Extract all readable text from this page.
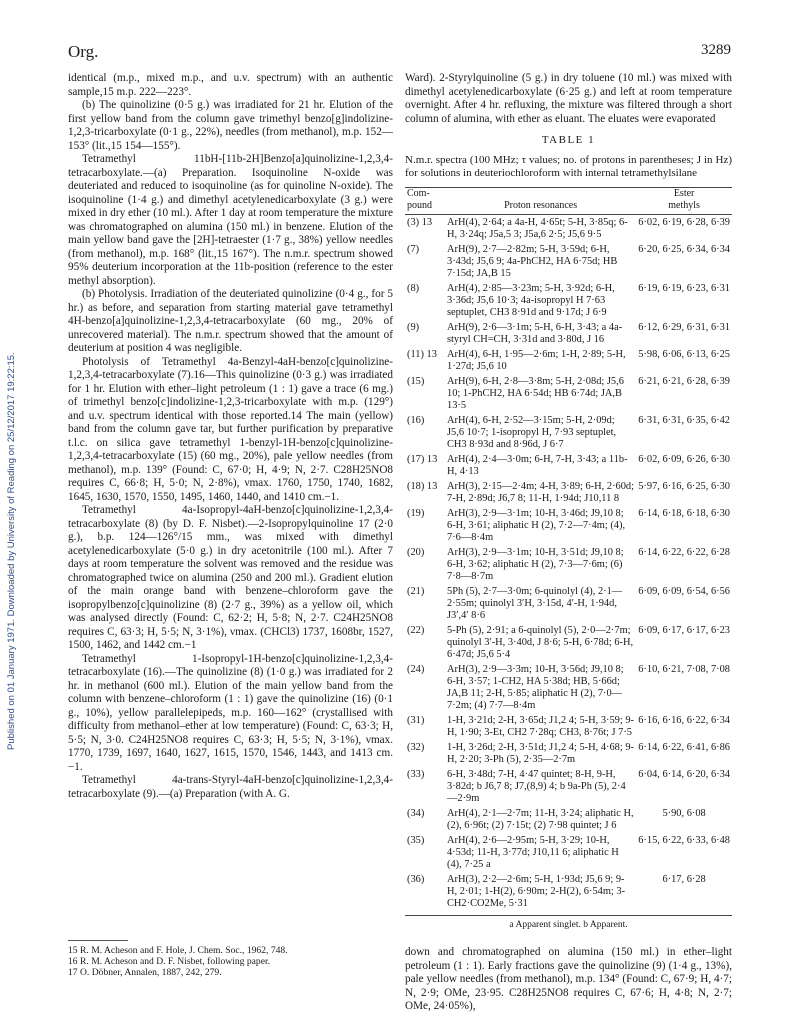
Org.	3289
Published on 01 January 1971. Downloaded by University of Reading on 25/12/2017 19:22:15.

identical (m.p., mixed m.p., and u.v. spectrum) with an authentic sample,15 m.p. 222—223°.

(b) The quinolizine (0·5 g.) was irradiated for 21 hr. Elution of the first yellow band from the column gave trimethyl benzo[g]indolizine-1,2,3-tricarboxylate (0·1 g., 22%), needles (from methanol), m.p. 152—153° (lit.,15 154—155°).

Tetramethyl 11bH-[11b-2H]Benzo[a]quinolizine-1,2,3,4-tetracarboxylate.—(a) Preparation. Isoquinoline N-oxide was deuteriated and reduced to isoquinoline (as for quinoline N-oxide). The isoquinoline (1·4 g.) and dimethyl acetylenedicarboxylate (3 g.) were mixed in dry ether (10 ml.). After 1 day at room temperature the mixture was chromatographed on alumina (150 ml.) in benzene. Elution of the main yellow band gave the [2H]-tetraester (1·7 g., 38%) yellow needles (from methanol), m.p. 168° (lit.,15 167°). The n.m.r. spectrum showed 95% deuterium incorporation at the 11b-position (reference to the ester methyl absorption).

(b) Photolysis. Irradiation of the deuteriated quinolizine (0·4 g., for 5 hr.) as before, and separation from starting material gave tetramethyl 4H-benzo[a]quinolizine-1,2,3,4-tetracarboxylate (60 mg., 20% of unrecovered material). The n.m.r. spectrum showed that the amount of deuterium at position 4 was negligible.

Photolysis of Tetramethyl 4a-Benzyl-4aH-benzo[c]quinolizine-1,2,3,4-tetracarboxylate (7).16—This quinolizine (0·3 g.) was irradiated for 1 hr. Elution with ether–light petroleum (1 : 1) gave a trace (6 mg.) of trimethyl benzo[c]indolizine-1,2,3-tricarboxylate with m.p. (129°) and u.v. spectrum identical with those reported.14 The main (yellow) band from the column gave tar, but further purification by preparative t.l.c. on silica gave tetramethyl 1-benzyl-1H-benzo[c]quinolizine-1,2,3,4-tetracarboxylate (15) (60 mg., 20%), pale yellow needles (from methanol), m.p. 139° (Found: C, 67·0; H, 4·9; N, 2·7. C28H25NO8 requires C, 66·8; H, 5·0; N, 2·8%), νmax. 1760, 1750, 1740, 1682, 1645, 1630, 1570, 1550, 1495, 1460, 1440, and 1410 cm.−1.

Tetramethyl 4a-Isopropyl-4aH-benzo[c]quinolizine-1,2,3,4-tetracarboxylate (8) (by D. F. Nisbet).—2-Isopropylquinoline 17 (2·0 g.), b.p. 124—126°/15 mm., was mixed with dimethyl acetylenedicarboxylate (5·0 g.) in dry acetonitrile (100 ml.). After 7 days at room temperature the solvent was removed and the residue was chromatographed twice on alumina (250 and 200 ml.). Gradient elution of the main orange band with benzene–chloroform gave the isopropylbenzo[c]quinolizine (8) (2·7 g., 39%) as a yellow oil, which was analysed directly (Found: C, 62·2; H, 5·8; N, 2·7. C24H25NO8 requires C, 63·3; H, 5·5; N, 3·1%), νmax. (CHCl3) 1737, 1608br, 1527, 1500, 1462, and 1442 cm.−1

Tetramethyl 1-Isopropyl-1H-benzo[c]quinolizine-1,2,3,4-tetracarboxylate (16).—The quinolizine (8) (1·0 g.) was irradiated for 2 hr. in methanol (600 ml.). Elution of the main yellow band from the column with benzene–chloroform (1 : 1) gave the quinolizine (16) (0·1 g., 10%), yellow parallelepipeds, m.p. 160—162° (crystallised with difficulty from methanol–ether at low temperature) (Found: C, 63·3; H, 5·5; N, 3·0. C24H25NO8 requires C, 63·3; H, 5·5; N, 3·1%), νmax. 1770, 1739, 1697, 1640, 1627, 1615, 1570, 1546, 1443, and 1413 cm.−1.

Tetramethyl 4a-trans-Styryl-4aH-benzo[c]quinolizine-1,2,3,4-tetracarboxylate (9).—(a) Preparation (with A. G.

15 R. M. Acheson and F. Hole, J. Chem. Soc., 1962, 748.
16 R. M. Acheson and D. F. Nisbet, following paper.
17 O. Döbner, Annalen, 1887, 242, 279.

Ward). 2-Styrylquinoline (5 g.) in dry toluene (10 ml.) was mixed with dimethyl acetylenedicarboxylate (6·25 g.) and left at room temperature overnight. After 4 hr. refluxing, the mixture was filtered through a short column of alumina, with ether as eluant. The eluates were evaporated

TABLE 1
N.m.r. spectra (100 MHz; τ values; no. of protons in parentheses; J in Hz) for solutions in deuteriochloroform with internal tetramethylsilane
Com-
pound	Proton resonances	Ester
methyls
(3) 13	ArH(4), 2·64; a 4a-H, 4·65t; 5-H, 3·85q; 6-H, 3·24q; J5a,5 3; J5a,6 2·5; J5,6 9·5	6·02, 6·19, 6·28, 6·39
(7)	ArH(9), 2·7—2·82m; 5-H, 3·59d; 6-H, 3·43d; J5,6 9; 4a-PhCH2, HA 6·75d; HB 7·15d; JA,B 15	6·20, 6·25, 6·34, 6·34
(8)	ArH(4), 2·85—3·23m; 5-H, 3·92d; 6-H, 3·36d; J5,6 10·3; 4a-isopropyl H 7·63 septuplet, CH3 8·91d and 9·17d; J 6·9	6·19, 6·19, 6·23, 6·31
(9)	ArH(9), 2·6—3·1m; 5-H, 6-H, 3·43; a 4a-styryl CH=CH, 3·31d and 3·80d, J 16	6·12, 6·29, 6·31, 6·31
(11) 13	ArH(4), 6-H, 1·95—2·6m; 1-H, 2·89; 5-H, 1·27d; J5,6 10	5·98, 6·06, 6·13, 6·25
(15)	ArH(9), 6-H, 2·8—3·8m; 5-H, 2·08d; J5,6 10; 1-PhCH2, HA 6·54d; HB 6·74d; JA,B 13·5	6·21, 6·21, 6·28, 6·39
(16)	ArH(4), 6-H, 2·52—3·15m; 5-H, 2·09d; J5,6 10·7; 1-isopropyl H, 7·93 septuplet, CH3 8·93d and 8·96d, J 6·7	6·31, 6·31, 6·35, 6·42
(17) 13	ArH(4), 2·4—3·0m; 6-H, 7-H, 3·43; a 11b-H, 4·13	6·02, 6·09, 6·26, 6·30
(18) 13	ArH(3), 2·15—2·4m; 4-H, 3·89; 6-H, 2·60d; 7-H, 2·89d; J6,7 8; 11-H, 1·94d; J10,11 8	5·97, 6·16, 6·25, 6·30
(19)	ArH(3), 2·9—3·1m; 10-H, 3·46d; J9,10 8; 6-H, 3·61; aliphatic H (2), 7·2—7·4m; (4), 7·6—8·4m	6·14, 6·18, 6·18, 6·30
(20)	ArH(3), 2·9—3·1m; 10-H, 3·51d; J9,10 8; 6-H, 3·62; aliphatic H (2), 7·3—7·6m; (6) 7·8—8·7m	6·14, 6·22, 6·22, 6·28
(21)	5Ph (5), 2·7—3·0m; 6-quinolyl (4), 2·1—2·55m; quinolyl 3′H, 3·15d, 4′-H, 1·94d, J3′,4′ 8·6	6·09, 6·09, 6·54, 6·56
(22)	5-Ph (5), 2·91; a 6-quinolyl (5), 2·0—2·7m; quinolyl 3′-H, 3·40d, J 8·6; 5-H, 6·78d; 6-H, 6·47d; J5,6 5·4	6·09, 6·17, 6·17, 6·23
(24)	ArH(3), 2·9—3·3m; 10-H, 3·56d; J9,10 8; 6-H, 3·57; 1-CH2, HA 5·38d; HB, 5·66d; JA,B 11; 2-H, 5·85; aliphatic H (2), 7·0—7·2m; (4) 7·7—8·4m	6·10, 6·21, 7·08, 7·08
(31)	1-H, 3·21d; 2-H, 3·65d; J1,2 4; 5-H, 3·59; 9-H, 1·90; 3-Et, CH2 7·28q; CH3, 8·76t; J 7·5	6·16, 6·16, 6·22, 6·34
(32)	1-H, 3·26d; 2-H, 3·51d; J1,2 4; 5-H, 4·68; 9-H, 2·20; 3-Ph (5), 2·35—2·7m	6·14, 6·22, 6·41, 6·86
(33)	6-H, 3·48d; 7-H, 4·47 quintet; 8-H, 9-H, 3·82d; b J6,7 8; J7,(8,9) 4; b 9a-Ph (5), 2·4—2·9m	6·04, 6·14, 6·20, 6·34
(34)	ArH(4), 2·1—2·7m; 11-H, 3·24; aliphatic H, (2), 6·96t; (2) 7·15t; (2) 7·98 quintet; J 6	5·90, 6·08
(35)	ArH(4), 2·6—2·95m; 5-H, 3·29; 10-H, 4·53d; 11-H, 3·77d; J10,11 6; aliphatic H (4), 7·25 a	6·15, 6·22, 6·33, 6·48
(36)	ArH(3), 2·2—2·6m; 5-H, 1·93d; J5,6 9; 9-H, 2·01; 1-H(2), 6·90m; 2-H(2), 6·54m; 3-CH2·CO2Me, 5·31	6·17, 6·28
a Apparent singlet. b Apparent.

down and chromatographed on alumina (150 ml.) in ether–light petroleum (1 : 1). Early fractions gave the quinolizine (9) (1·4 g., 13%), pale yellow needles (from methanol), m.p. 134° (Found: C, 67·9; H, 4·7; N, 2·9; OMe, 23·95. C28H25NO8 requires C, 67·6; H, 4·8; N, 2·7; OMe, 24·05%),
